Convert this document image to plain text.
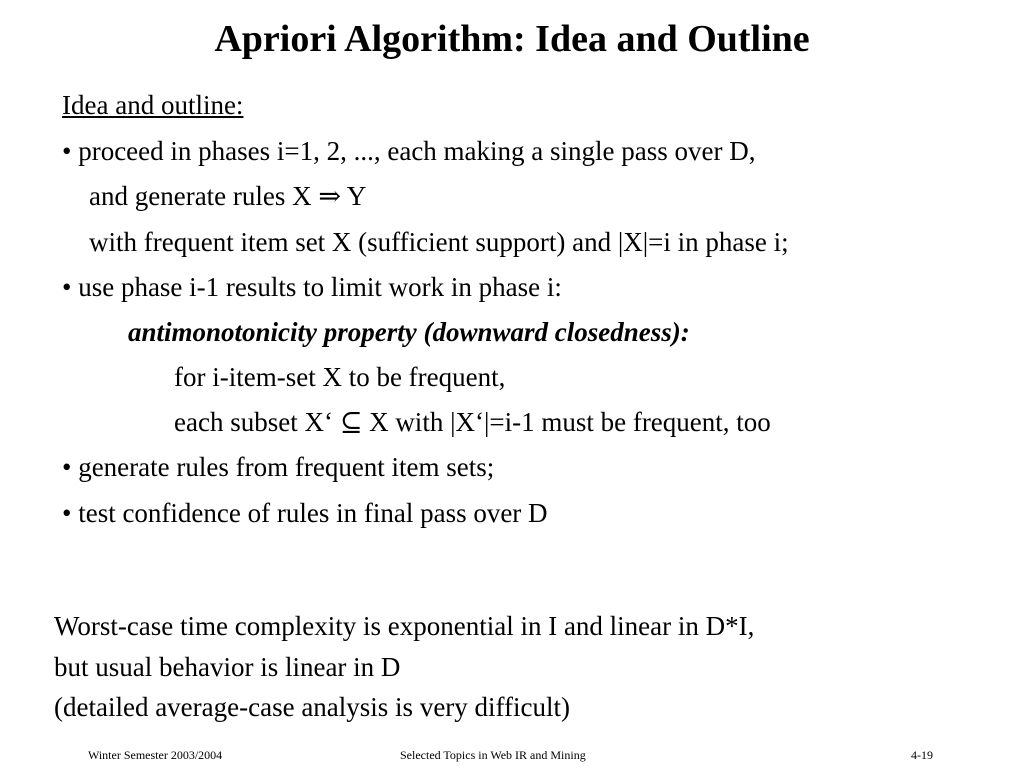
Apriori Algorithm: Idea and Outline
Idea and outline:
• proceed in phases i=1, 2, ..., each making a single pass over D,
and generate rules X ⇒ Y
with frequent item set X (sufficient support) and |X|=i in phase i;
• use phase i-1 results to limit work in phase i:
antimonotonicity property (downward closedness):
for i-item-set X to be frequent,
each subset X‘ ⊆ X with |X‘|=i-1 must be frequent, too
• generate rules from frequent item sets;
• test confidence of rules in final pass over D
Worst-case time complexity is exponential in I and linear in D*I,
but usual behavior is linear in D
(detailed average-case analysis is very difficult)
Winter Semester 2003/2004	Selected Topics in Web IR and Mining	4-19
